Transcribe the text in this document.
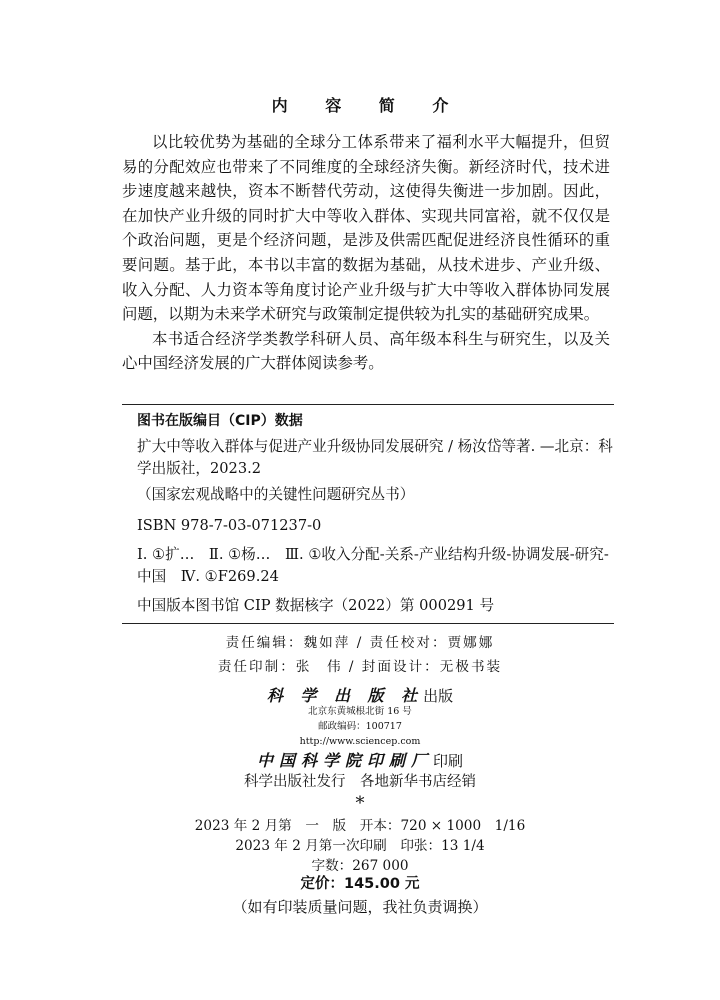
内 容 简 介

以比较优势为基础的全球分工体系带来了福利水平大幅提升，但贸易的分配效应也带来了不同维度的全球经济失衡。新经济时代，技术进步速度越来越快，资本不断替代劳动，这使得失衡进一步加剧。因此，在加快产业升级的同时扩大中等收入群体、实现共同富裕，就不仅仅是个政治问题，更是个经济问题，是涉及供需匹配促进经济良性循环的重要问题。基于此，本书以丰富的数据为基础，从技术进步、产业升级、收入分配、人力资本等角度讨论产业升级与扩大中等收入群体协同发展问题，以期为未来学术研究与政策制定提供较为扎实的基础研究成果。

本书适合经济学类教学科研人员、高年级本科生与研究生，以及关心中国经济发展的广大群体阅读参考。

图书在版编目（CIP）数据
扩大中等收入群体与促进产业升级协同发展研究 / 杨汝岱等著. —北京：科学出版社，2023.2
（国家宏观战略中的关键性问题研究丛书）
ISBN 978-7-03-071237-0
Ⅰ. ①扩…　Ⅱ. ①杨…　Ⅲ. ①收入分配-关系-产业结构升级-协调发展-研究-中国　Ⅳ. ①F269.24
中国版本图书馆 CIP 数据核字（2022）第 000291 号
责任编辑：魏如萍 / 责任校对：贾娜娜
责任印制：张　伟 / 封面设计：无极书装
科 学 出 版 社出版
北京东黄城根北街 16 号
邮政编码：100717
http://www.sciencep.com
中国科学院印刷厂印刷
科学出版社发行　各地新华书店经销
*
2023 年 2 月第　一　版　开本：720 × 1000　1/16
2023 年 2 月第一次印刷　印张：13 1/4
字数：267 000
定价：145.00 元
（如有印装质量问题，我社负责调换）
